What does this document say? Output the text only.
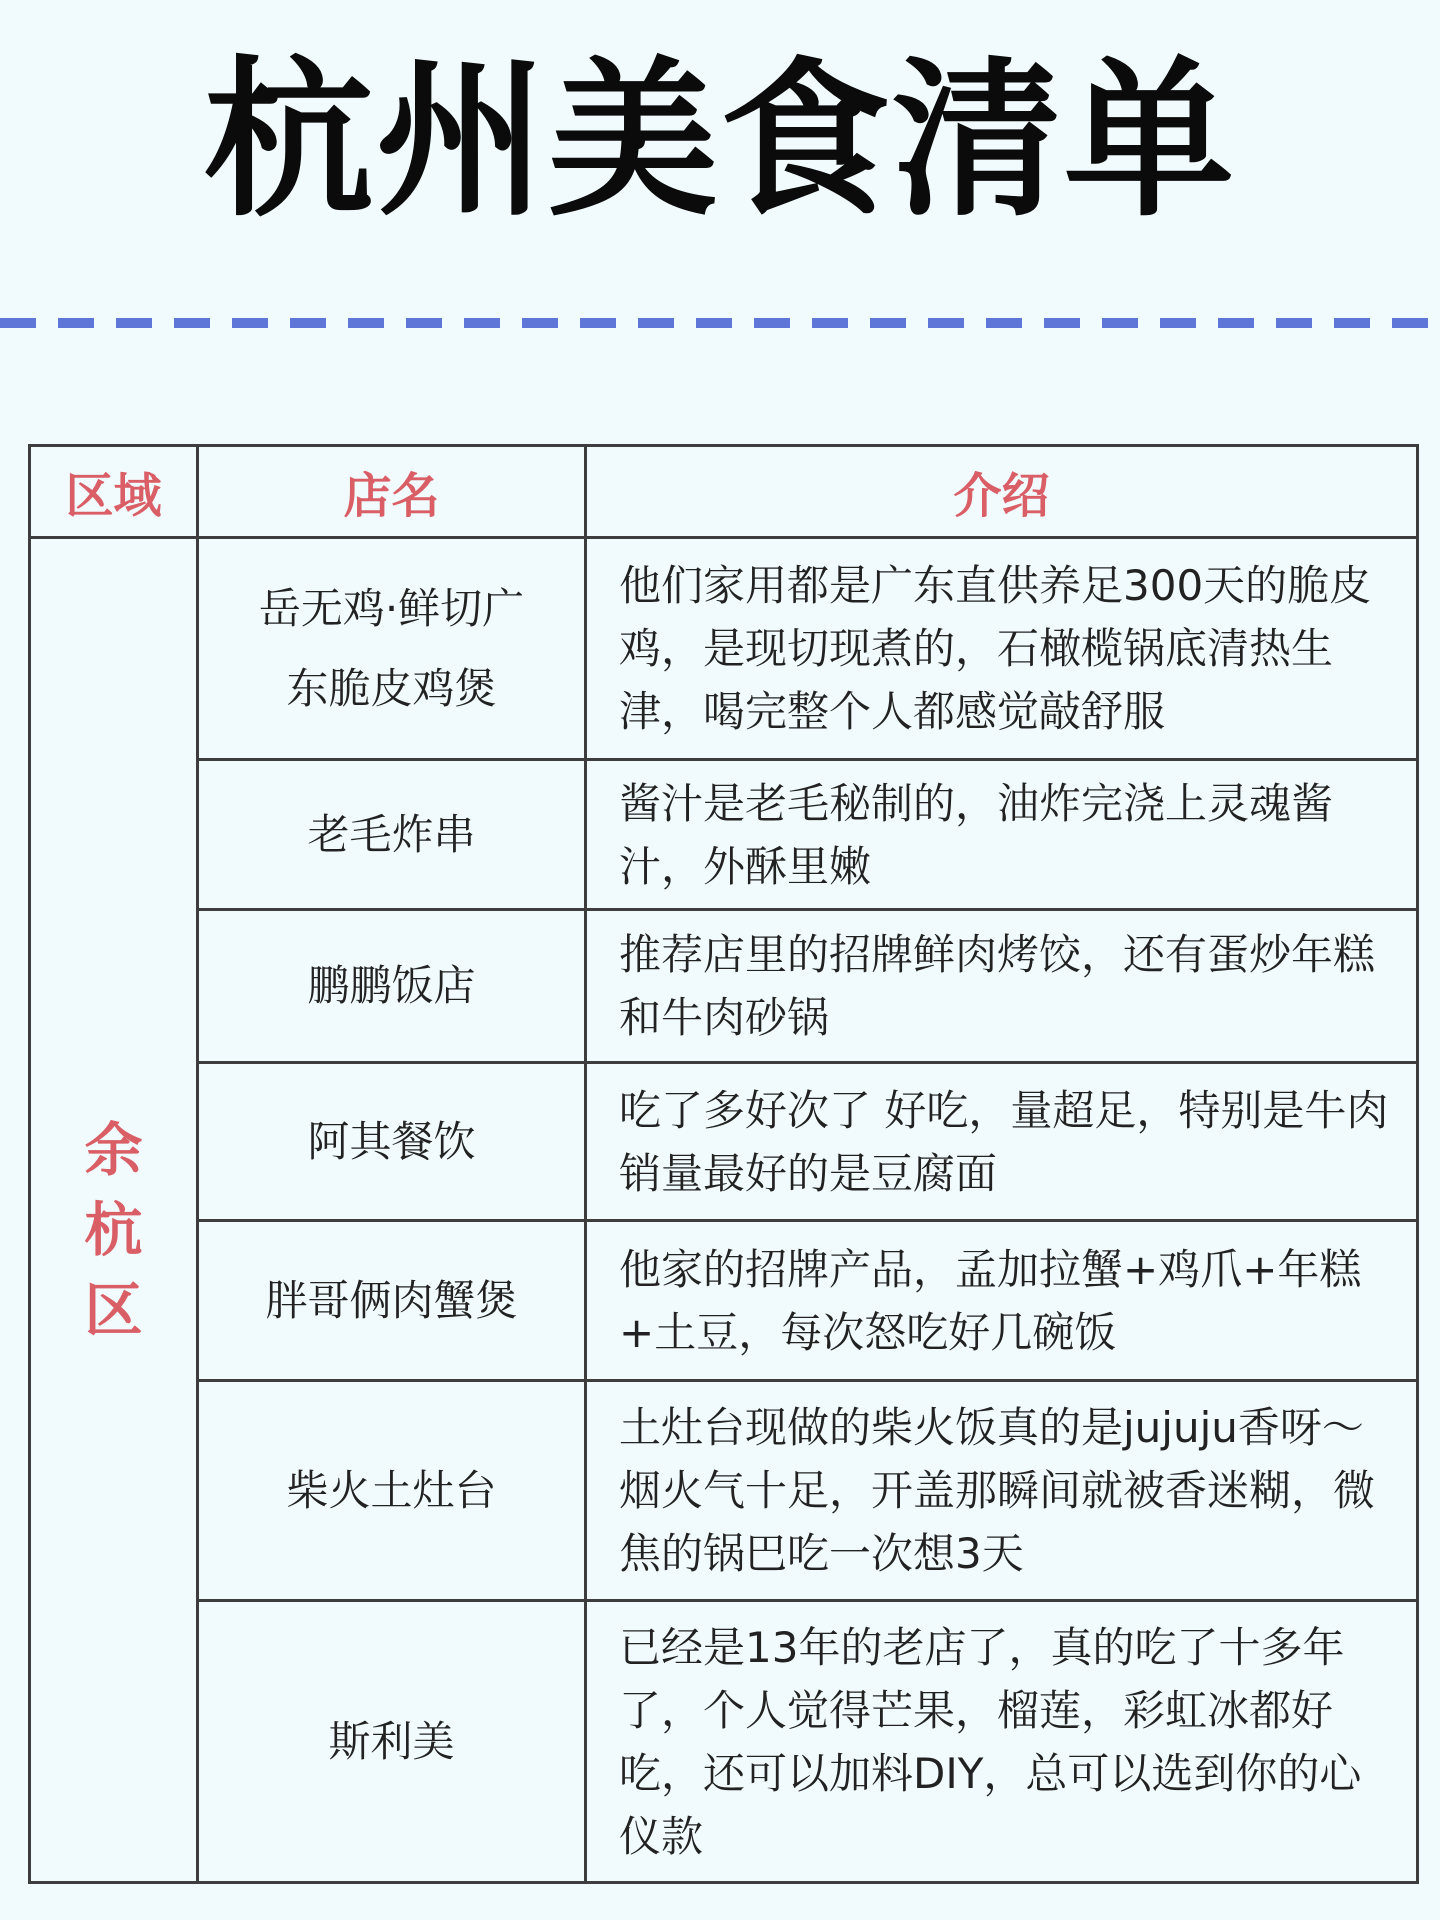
杭州美食清单
区域	店名	介绍
余杭区	岳无鸡·鲜切广东脆皮鸡煲	他们家用都是广东直供养足300天的脆皮鸡，是现切现煮的，石橄榄锅底清热生津，喝完整个人都感觉敲舒服
	老毛炸串	酱汁是老毛秘制的，油炸完浇上灵魂酱汁，外酥里嫩
	鹏鹏饭店	推荐店里的招牌鲜肉烤饺，还有蛋炒年糕和牛肉砂锅
	阿其餐饮	吃了多好次了 好吃，量超足，特别是牛肉销量最好的是豆腐面
	胖哥俩肉蟹煲	他家的招牌产品，孟加拉蟹+鸡爪+年糕+土豆，每次怒吃好几碗饭
	柴火土灶台	土灶台现做的柴火饭真的是jujuju香呀～烟火气十足，开盖那瞬间就被香迷糊，微焦的锅巴吃一次想3天
	斯利美	已经是13年的老店了，真的吃了十多年了，个人觉得芒果，榴莲，彩虹冰都好吃，还可以加料DIY，总可以选到你的心仪款
